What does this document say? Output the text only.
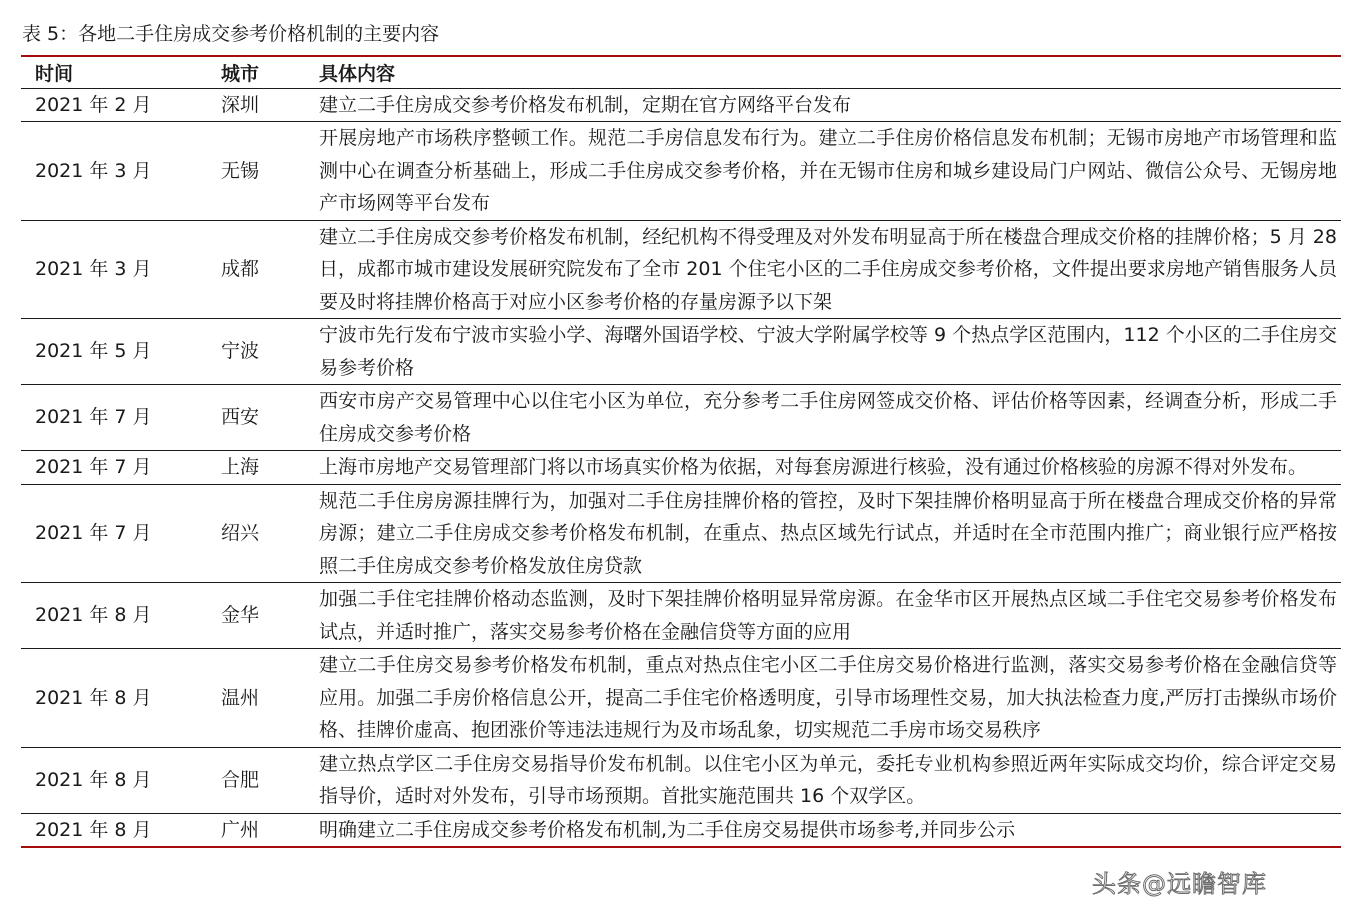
表 5：各地二手住房成交参考价格机制的主要内容
时间	城市	具体内容
2021 年 2 月	深圳	建立二手住房成交参考价格发布机制，定期在官方网络平台发布
2021 年 3 月	无锡	开展房地产市场秩序整顿工作。规范二手房信息发布行为。建立二手住房价格信息发布机制；无锡市房地产市场管理和监测中心在调查分析基础上，形成二手住房成交参考价格，并在无锡市住房和城乡建设局门户网站、微信公众号、无锡房地产市场网等平台发布
2021 年 3 月	成都	建立二手住房成交参考价格发布机制，经纪机构不得受理及对外发布明显高于所在楼盘合理成交价格的挂牌价格；5 月 28 日，成都市城市建设发展研究院发布了全市 201 个住宅小区的二手住房成交参考价格，文件提出要求房地产销售服务人员要及时将挂牌价格高于对应小区参考价格的存量房源予以下架
2021 年 5 月	宁波	宁波市先行发布宁波市实验小学、海曙外国语学校、宁波大学附属学校等 9 个热点学区范围内，112 个小区的二手住房交易参考价格
2021 年 7 月	西安	西安市房产交易管理中心以住宅小区为单位，充分参考二手住房网签成交价格、评估价格等因素，经调查分析，形成二手住房成交参考价格
2021 年 7 月	上海	上海市房地产交易管理部门将以市场真实价格为依据，对每套房源进行核验，没有通过价格核验的房源不得对外发布。
2021 年 7 月	绍兴	规范二手住房房源挂牌行为，加强对二手住房挂牌价格的管控，及时下架挂牌价格明显高于所在楼盘合理成交价格的异常房源；建立二手住房成交参考价格发布机制，在重点、热点区域先行试点，并适时在全市范围内推广；商业银行应严格按照二手住房成交参考价格发放住房贷款
2021 年 8 月	金华	加强二手住宅挂牌价格动态监测，及时下架挂牌价格明显异常房源。在金华市区开展热点区域二手住宅交易参考价格发布试点，并适时推广，落实交易参考价格在金融信贷等方面的应用
2021 年 8 月	温州	建立二手住房交易参考价格发布机制，重点对热点住宅小区二手住房交易价格进行监测，落实交易参考价格在金融信贷等应用。加强二手房价格信息公开，提高二手住宅价格透明度，引导市场理性交易，加大执法检查力度,严厉打击操纵市场价格、挂牌价虚高、抱团涨价等违法违规行为及市场乱象，切实规范二手房市场交易秩序
2021 年 8 月	合肥	建立热点学区二手住房交易指导价发布机制。以住宅小区为单元，委托专业机构参照近两年实际成交均价，综合评定交易指导价，适时对外发布，引导市场预期。首批实施范围共 16 个双学区。
2021 年 8 月	广州	明确建立二手住房成交参考价格发布机制,为二手住房交易提供市场参考,并同步公示
头条@远瞻智库
